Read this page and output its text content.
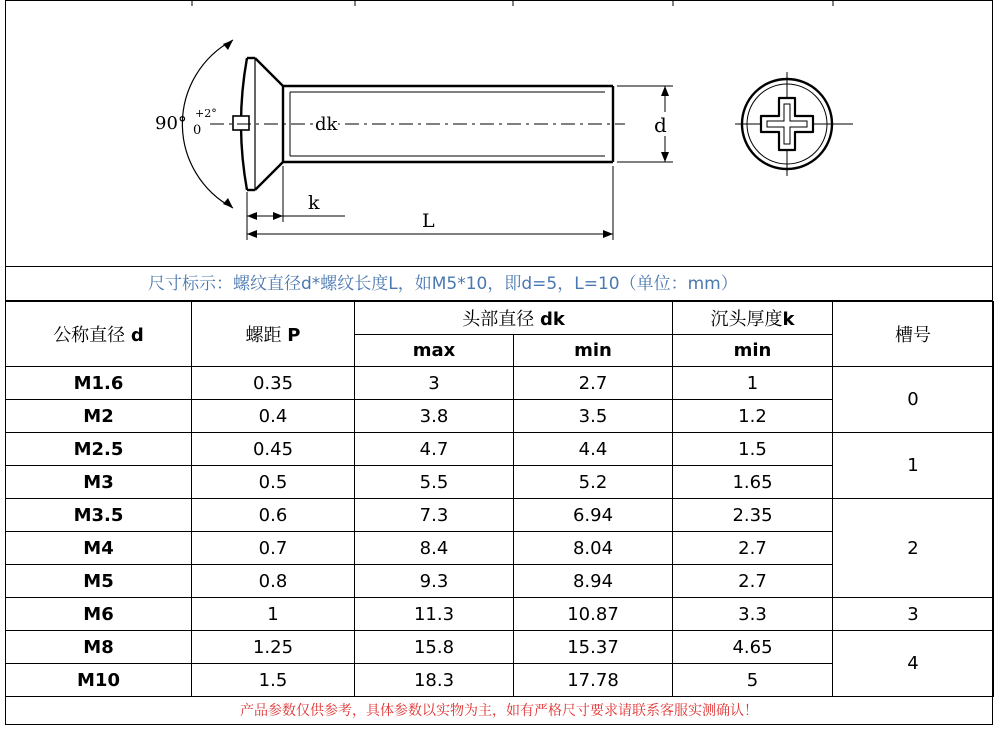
90° +2°
0	dk	d
k
L
尺寸标示：螺纹直径d*螺纹长度L，如M5*10，即d=5，L=10（单位：mm）
公称直径 d	螺距 P	头部直径 dk		沉头厚度k	槽号
		max	min	min	
M1.6	0.35	3	2.7	1	0
M2	0.4	3.8	3.5	1.2	
M2.5	0.45	4.7	4.4	1.5	1
M3	0.5	5.5	5.2	1.65	
M3.5	0.6	7.3	6.94	2.35	2
M4	0.7	8.4	8.04	2.7	
M5	0.8	9.3	8.94	2.7	
M6	1	11.3	10.87	3.3	3
M8	1.25	15.8	15.37	4.65	4
M10	1.5	18.3	17.78	5	
产品参数仅供参考，具体参数以实物为主，如有严格尺寸要求请联系客服实测确认！
